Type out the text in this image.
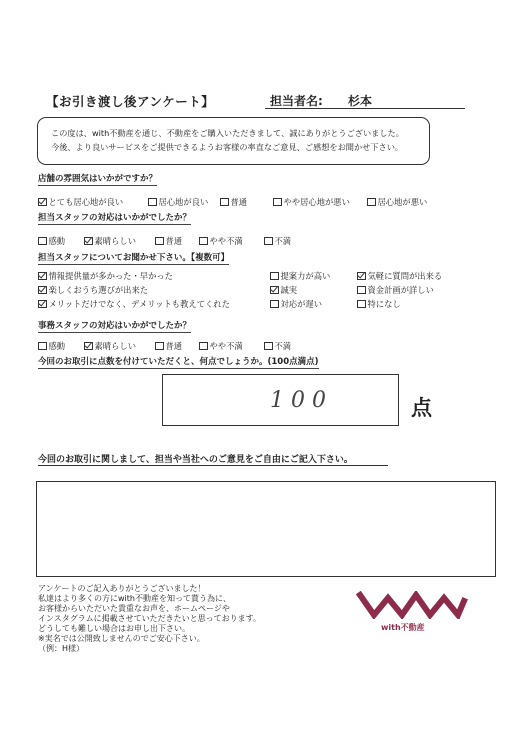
【お引き渡し後アンケート】	担当者名: 杉本

この度は、with不動産を通じ、不動産をご購入いただきまして、誠にありがとうございました。

今後、より良いサービスをご提供できるようお客様の率直なご意見、ご感想をお聞かせ下さい。

店舗の雰囲気はいかがですか？
とても居心地が良い	居心地が良い	普通	やや居心地が悪い	居心地が悪い
担当スタッフの対応はいかがでしたか？
感動	素晴らしい	普通	やや不満	不満
担当スタッフについてお聞かせ下さい。【複数可】
情報提供量が多かった・早かった	提案力が高い	気軽に質問が出来る
楽しくおうち選びが出来た	誠実	資金計画が詳しい
メリットだけでなく、デメリットも教えてくれた	対応が遅い	特になし
事務スタッフの対応はいかがでしたか？
感動	素晴らしい	普通	やや不満	不満
今回のお取引に点数を付けていただくと、何点でしょうか。(100点満点)
100	点
今回のお取引に関しまして、担当や当社へのご意見をご自由にご記入下さい。

アンケートのご記入ありがとうございました！

私達はより多くの方にwith不動産を知って貰う為に、

お客様からいただいた貴重なお声を、ホームページや

インスタグラムに掲載させていただきたいと思っております。

どうしても難しい場合はお申し出下さい。

※実名では公開致しませんのでご安心下さい。

（例：H様）

with不動産
